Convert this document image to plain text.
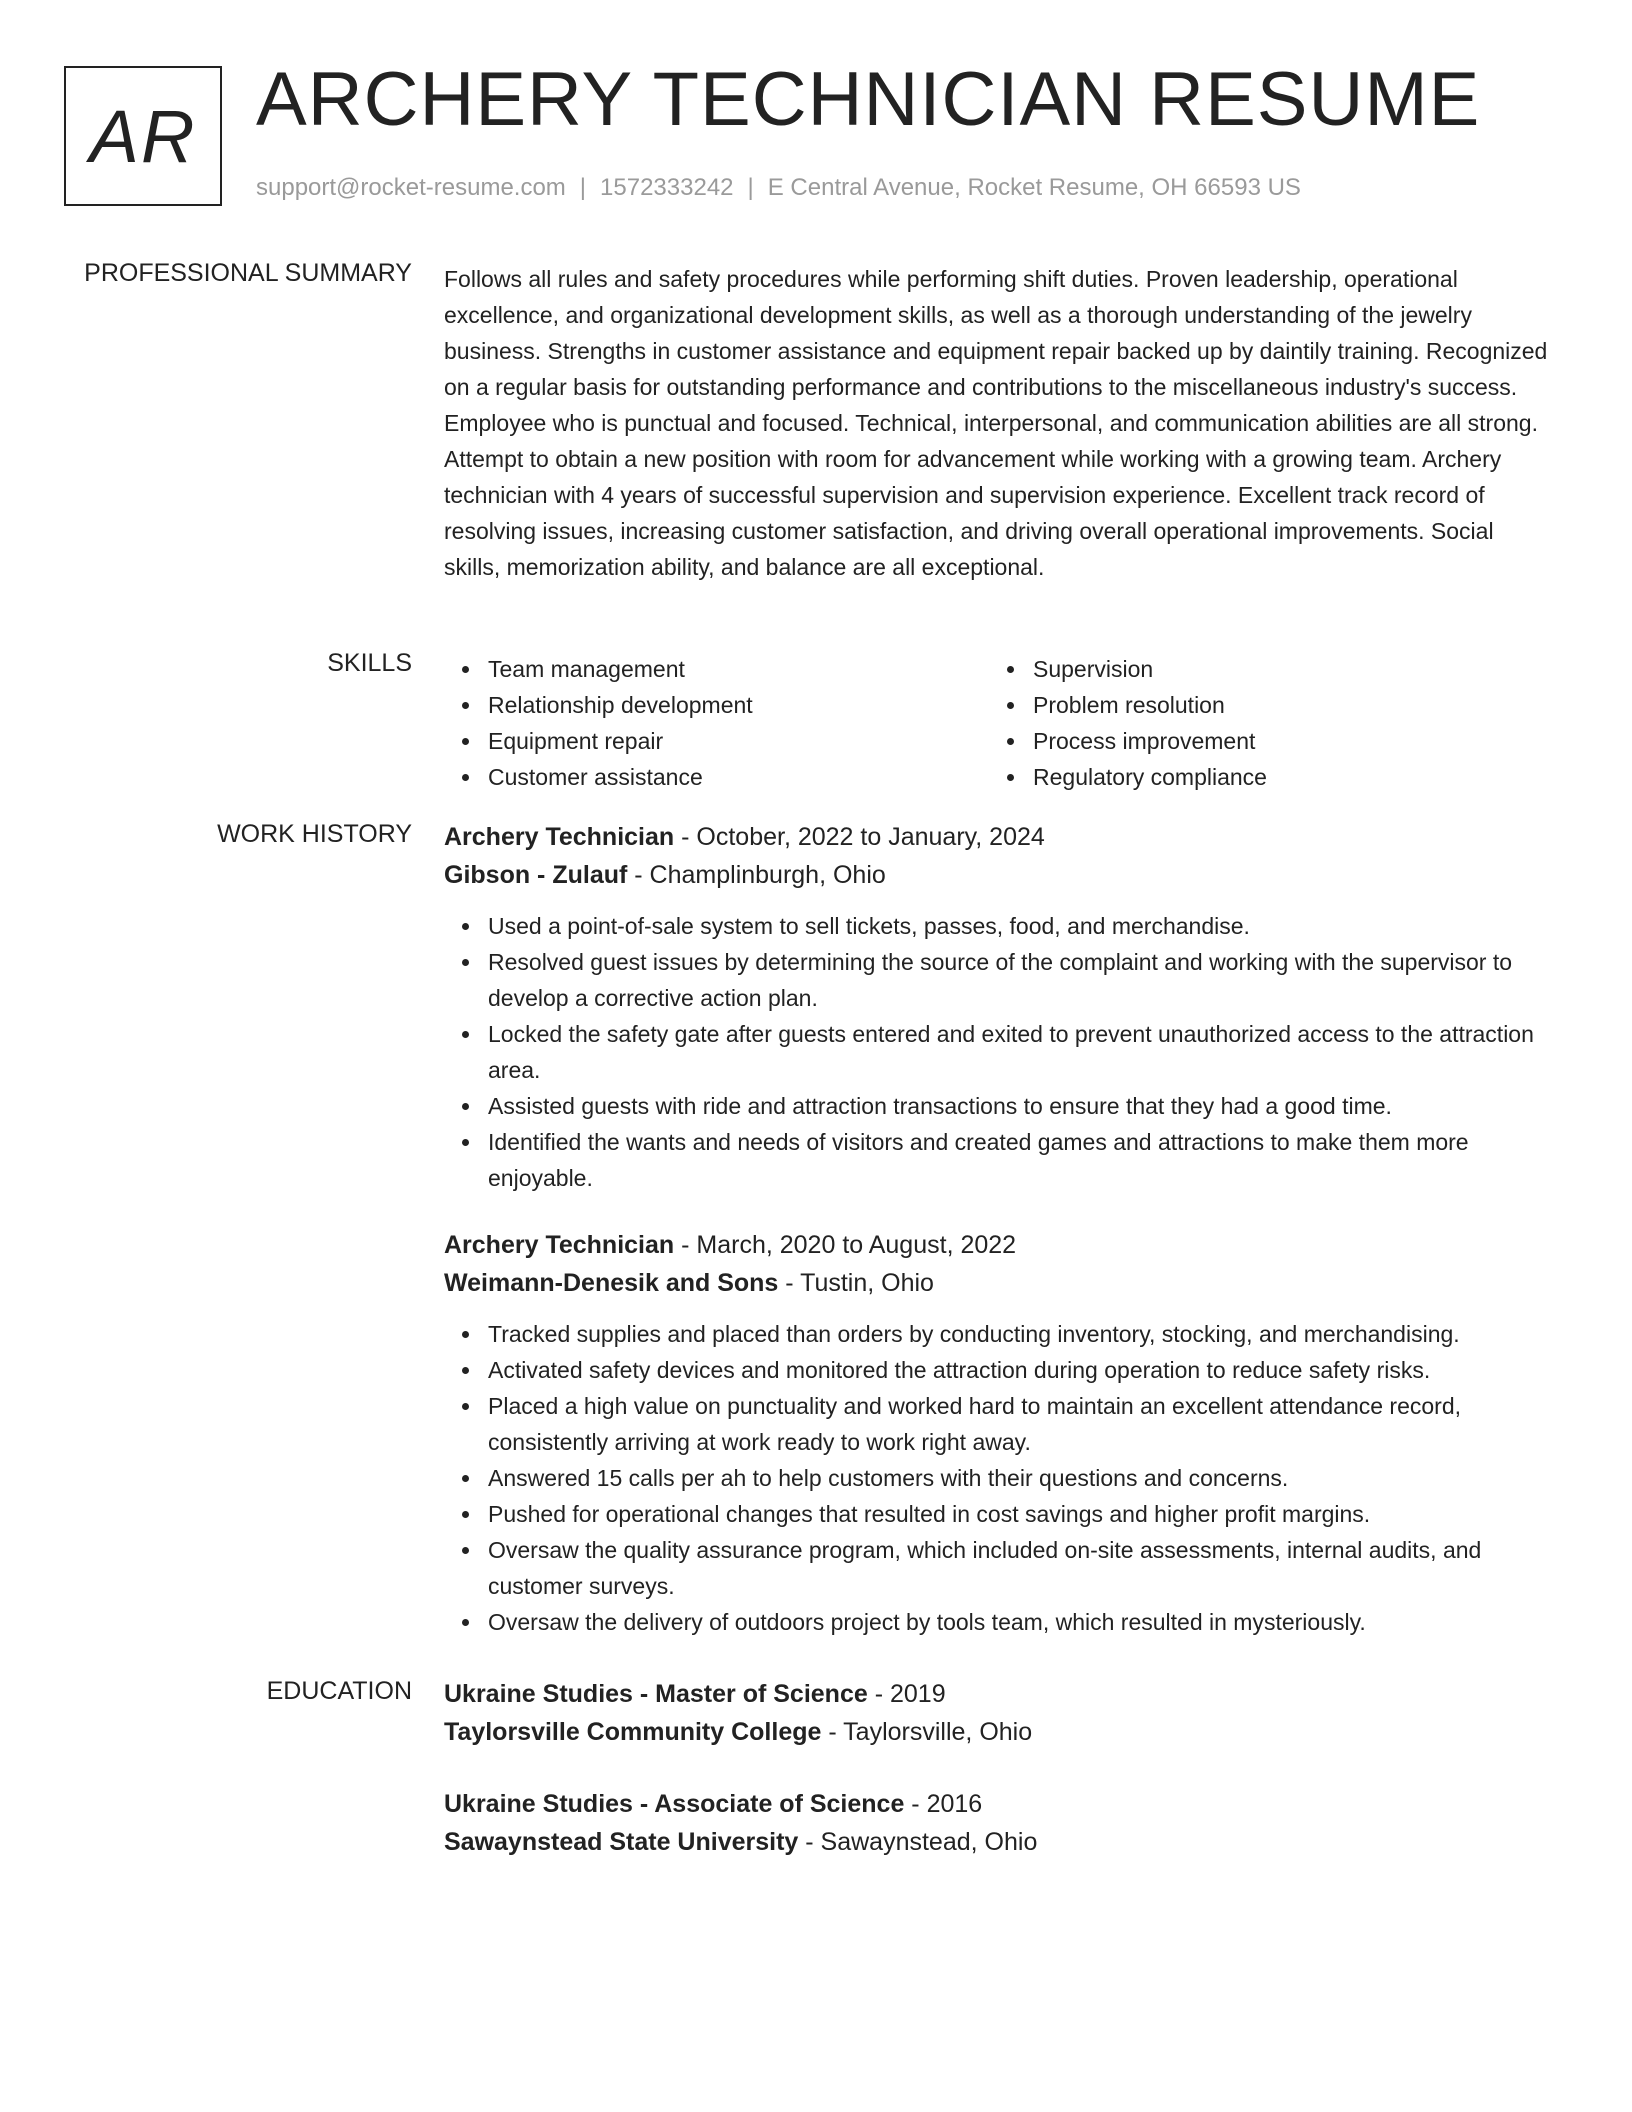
AR ARCHERY TECHNICIAN RESUME
support@rocket-resume.com | 1572333242 | E Central Avenue, Rocket Resume, OH 66593 US
PROFESSIONAL SUMMARY Follows all rules and safety procedures while performing shift duties. Proven leadership, operational excellence, and organizational development skills, as well as a thorough understanding of the jewelry business. Strengths in customer assistance and equipment repair backed up by daintily training. Recognized on a regular basis for outstanding performance and contributions to the miscellaneous industry's success. Employee who is punctual and focused. Technical, interpersonal, and communication abilities are all strong. Attempt to obtain a new position with room for advancement while working with a growing team. Archery technician with 4 years of successful supervision and supervision experience. Excellent track record of resolving issues, increasing customer satisfaction, and driving overall operational improvements. Social skills, memorization ability, and balance are all exceptional.

SKILLS	Team management
Relationship development
Equipment repair
Customer assistance
Supervision
Problem resolution
Process improvement
Regulatory compliance
WORK HISTORY Archery Technician - October, 2022 to January, 2024
Gibson - Zulauf - Champlinburgh, Ohio
Used a point-of-sale system to sell tickets, passes, food, and merchandise.
Resolved guest issues by determining the source of the complaint and working with the supervisor to develop a corrective action plan.
Locked the safety gate after guests entered and exited to prevent unauthorized access to the attraction area.
Assisted guests with ride and attraction transactions to ensure that they had a good time.
Identified the wants and needs of visitors and created games and attractions to make them more enjoyable.
Archery Technician - March, 2020 to August, 2022
Weimann-Denesik and Sons - Tustin, Ohio
Tracked supplies and placed than orders by conducting inventory, stocking, and merchandising.
Activated safety devices and monitored the attraction during operation to reduce safety risks.
Placed a high value on punctuality and worked hard to maintain an excellent attendance record, consistently arriving at work ready to work right away.
Answered 15 calls per ah to help customers with their questions and concerns.
Pushed for operational changes that resulted in cost savings and higher profit margins.
Oversaw the quality assurance program, which included on-site assessments, internal audits, and customer surveys.
Oversaw the delivery of outdoors project by tools team, which resulted in mysteriously.
EDUCATION Ukraine Studies - Master of Science - 2019
Taylorsville Community College - Taylorsville, Ohio
Ukraine Studies - Associate of Science - 2016
Sawaynstead State University - Sawaynstead, Ohio
